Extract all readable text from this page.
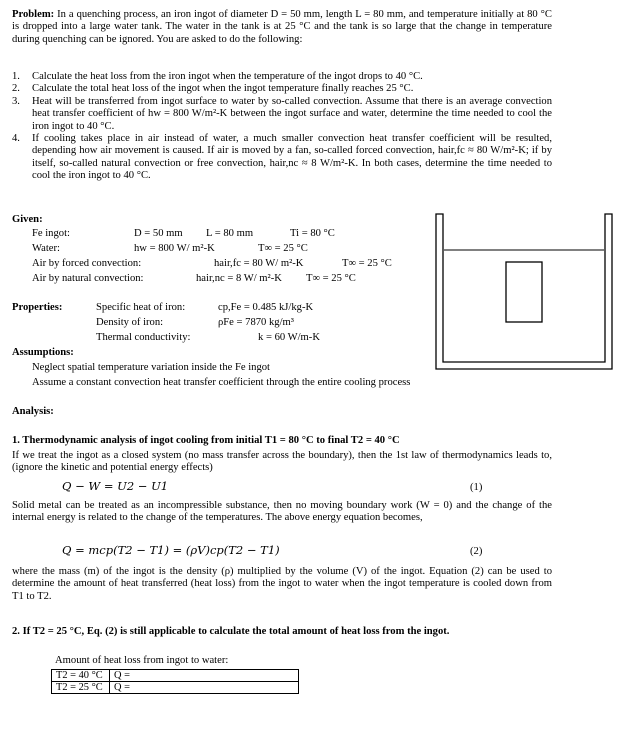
Problem: In a quenching process, an iron ingot of diameter D = 50 mm, length L = 80 mm, and temperature initially at 80 °C is dropped into a large water tank. The water in the tank is at 25 °C and the tank is so large that the change in temperature during quenching can be ignored. You are asked to do the following:
1. Calculate the heat loss from the iron ingot when the temperature of the ingot drops to 40 °C.
2. Calculate the total heat loss of the ingot when the ingot temperature finally reaches 25 °C.
3. Heat will be transferred from ingot surface to water by so-called convection. Assume that there is an average convection heat transfer coefficient of hw = 800 W/m²-K between the ingot surface and water, determine the time needed to cool the iron ingot to 40 °C.
4. If cooling takes place in air instead of water, a much smaller convection heat transfer coefficient will be resulted, depending how air movement is caused. If air is moved by a fan, so-called forced convection, hair,fc ≈ 80 W/m²-K; if by itself, so-called natural convection or free convection, hair,nc ≈ 8 W/m²-K. In both cases, determine the time needed to cool the iron ingot to 40 °C.
Given:
Fe ingot:	D = 50 mm L = 80 mm	Ti = 80 °C
Water:	hw = 800 W/ m²-K	T∞ = 25 °C
Air by forced convection:	hair,fc = 80 W/ m²-K	T∞ = 25 °C
Air by natural convection:	hair,nc = 8 W/ m²-K T∞ = 25 °C
Properties:	Specific heat of iron:	cp,Fe = 0.485 kJ/kg-K
Density of iron:	ρFe = 7870 kg/m³
Thermal conductivity:	k = 60 W/m-K
Assumptions:
Neglect spatial temperature variation inside the Fe ingot
Assume a constant convection heat transfer coefficient through the entire cooling process
Analysis:
1. Thermodynamic analysis of ingot cooling from initial T1 = 80 °C to final T2 = 40 °C
If we treat the ingot as a closed system (no mass transfer across the boundary), then the 1st law of thermodynamics leads to, (ignore the kinetic and potential energy effects)
Q − W = U2 − U1	(1)
Solid metal can be treated as an incompressible substance, then no moving boundary work (W = 0) and the change of the internal energy is related to the change of the temperatures. The above energy equation becomes,
Q = mcp(T2 − T1) = (ρV)cp(T2 − T1)	(2)
where the mass (m) of the ingot is the density (ρ) multiplied by the volume (V) of the ingot. Equation (2) can be used to determine the amount of heat transferred (heat loss) from the ingot to water when the ingot temperature is cooled down from T1 to T2.
2. If T2 = 25 °C, Eq. (2) is still applicable to calculate the total amount of heat loss from the ingot.
Amount of heat loss from ingot to water:
T2 = 40 °C	Q =
T2 = 25 °C	Q =
